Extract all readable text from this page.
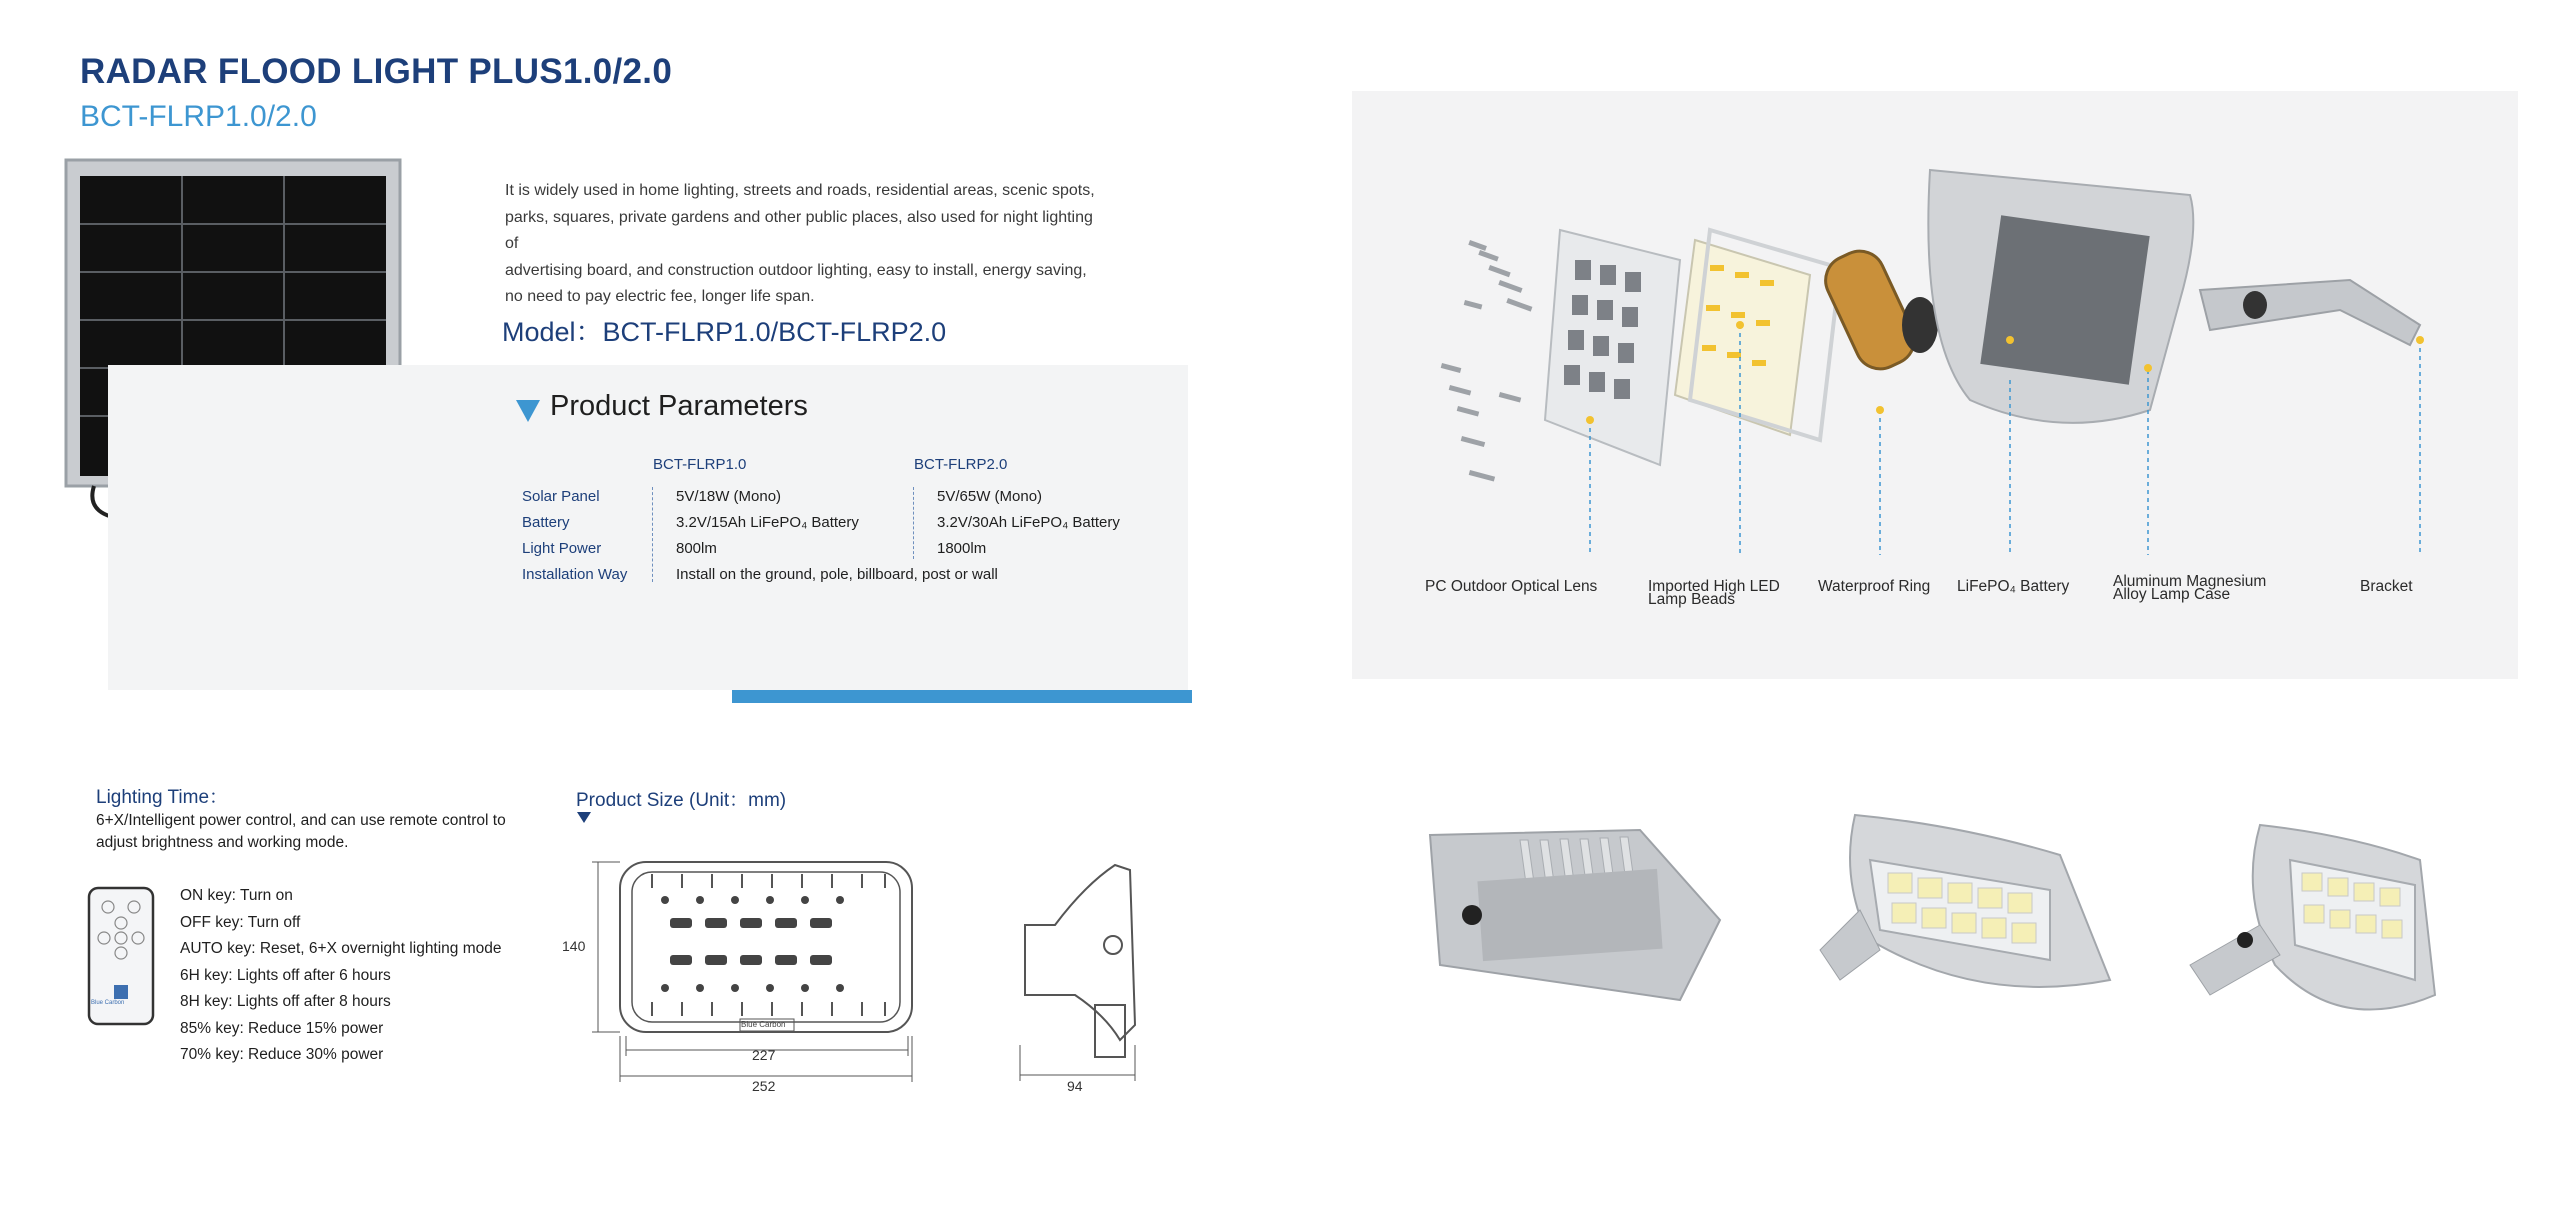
RADAR FLOOD LIGHT PLUS1.0/2.0
BCT-FLRP1.0/2.0
It is widely used in home lighting, streets and roads, residential areas, scenic spots,
parks, squares, private gardens and other public places, also used for night lighting of
advertising board, and construction outdoor lighting, easy to install, energy saving,
no need to pay electric fee, longer life span.
Model：BCT-FLRP1.0/BCT-FLRP2.0
Product Parameters
BCT-FLRP1.0	BCT-FLRP2.0
Solar Panel	5V/18W (Mono)	5V/65W (Mono)
Battery	3.2V/15Ah LiFePO₄ Battery	3.2V/30Ah LiFePO₄ Battery
Light Power	800lm	1800lm
Installation Way	Install on the ground, pole, billboard, post or wall
PC Outdoor Optical Lens	Imported High LED
Lamp Beads
Waterproof Ring LiFePO₄ Battery	Aluminum Magnesium
Alloy Lamp Case	Bracket
Lighting Time：
6+X/Intelligent power control, and can use remote control to
adjust brightness and working mode.
Blue Carbon
ON key: Turn on
OFF key: Turn off
AUTO key: Reset, 6+X overnight lighting mode
6H key: Lights off after 6 hours
8H key: Lights off after 8 hours
85% key: Reduce 15% power
70% key: Reduce 30% power
Product Size (Unit：mm)
Blue Carbon
140
227
252	94
